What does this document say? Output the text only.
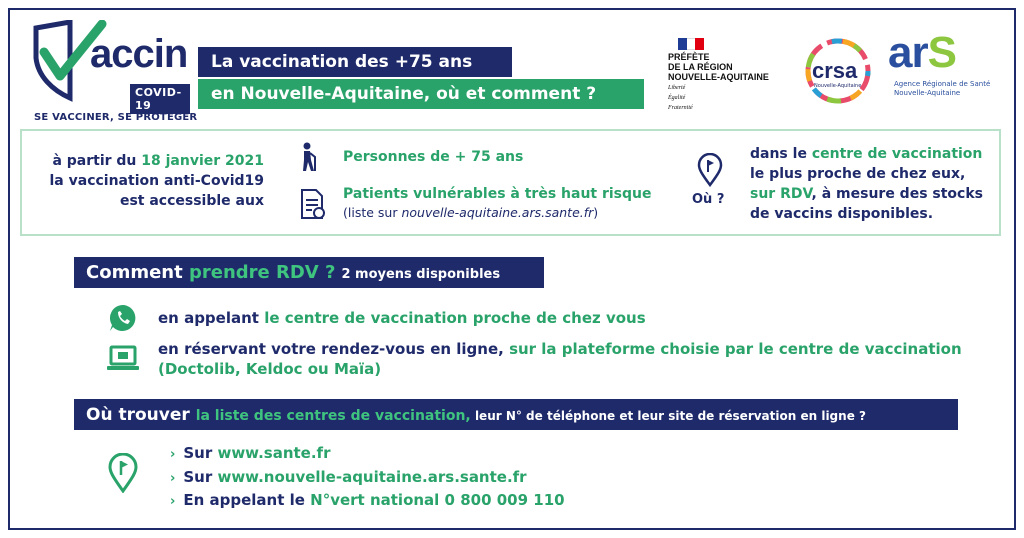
accin
COVID-19
SE VACCINER, SE PROTÉGER
La vaccination des +75 ans
en Nouvelle-Aquitaine, où et comment ?
PRÉFÈTE
DE LA RÉGION
NOUVELLE-AQUITAINE
Liberté
Égalité
Fraternité
crsa
Nouvelle-Aquitaine
arS
Agence Régionale de Santé
Nouvelle-Aquitaine
à partir du 18 janvier 2021
la vaccination anti-Covid19
est accessible aux
Personnes de + 75 ans
Patients vulnérables à très haut risque
(liste sur nouvelle-aquitaine.ars.sante.fr)
Où ?
dans le centre de vaccination
le plus proche de chez eux,
sur RDV, à mesure des stocks
de vaccins disponibles.
Comment prendre RDV ? 2 moyens disponibles
en appelant le centre de vaccination proche de chez vous
en réservant votre rendez-vous en ligne, sur la plateforme choisie par le centre de vaccination
(Doctolib, Keldoc ou Maïa)
Où trouver la liste des centres de vaccination, leur N° de téléphone et leur site de réservation en ligne ?
› Sur www.sante.fr
› Sur www.nouvelle-aquitaine.ars.sante.fr
› En appelant le N°vert national 0 800 009 110
